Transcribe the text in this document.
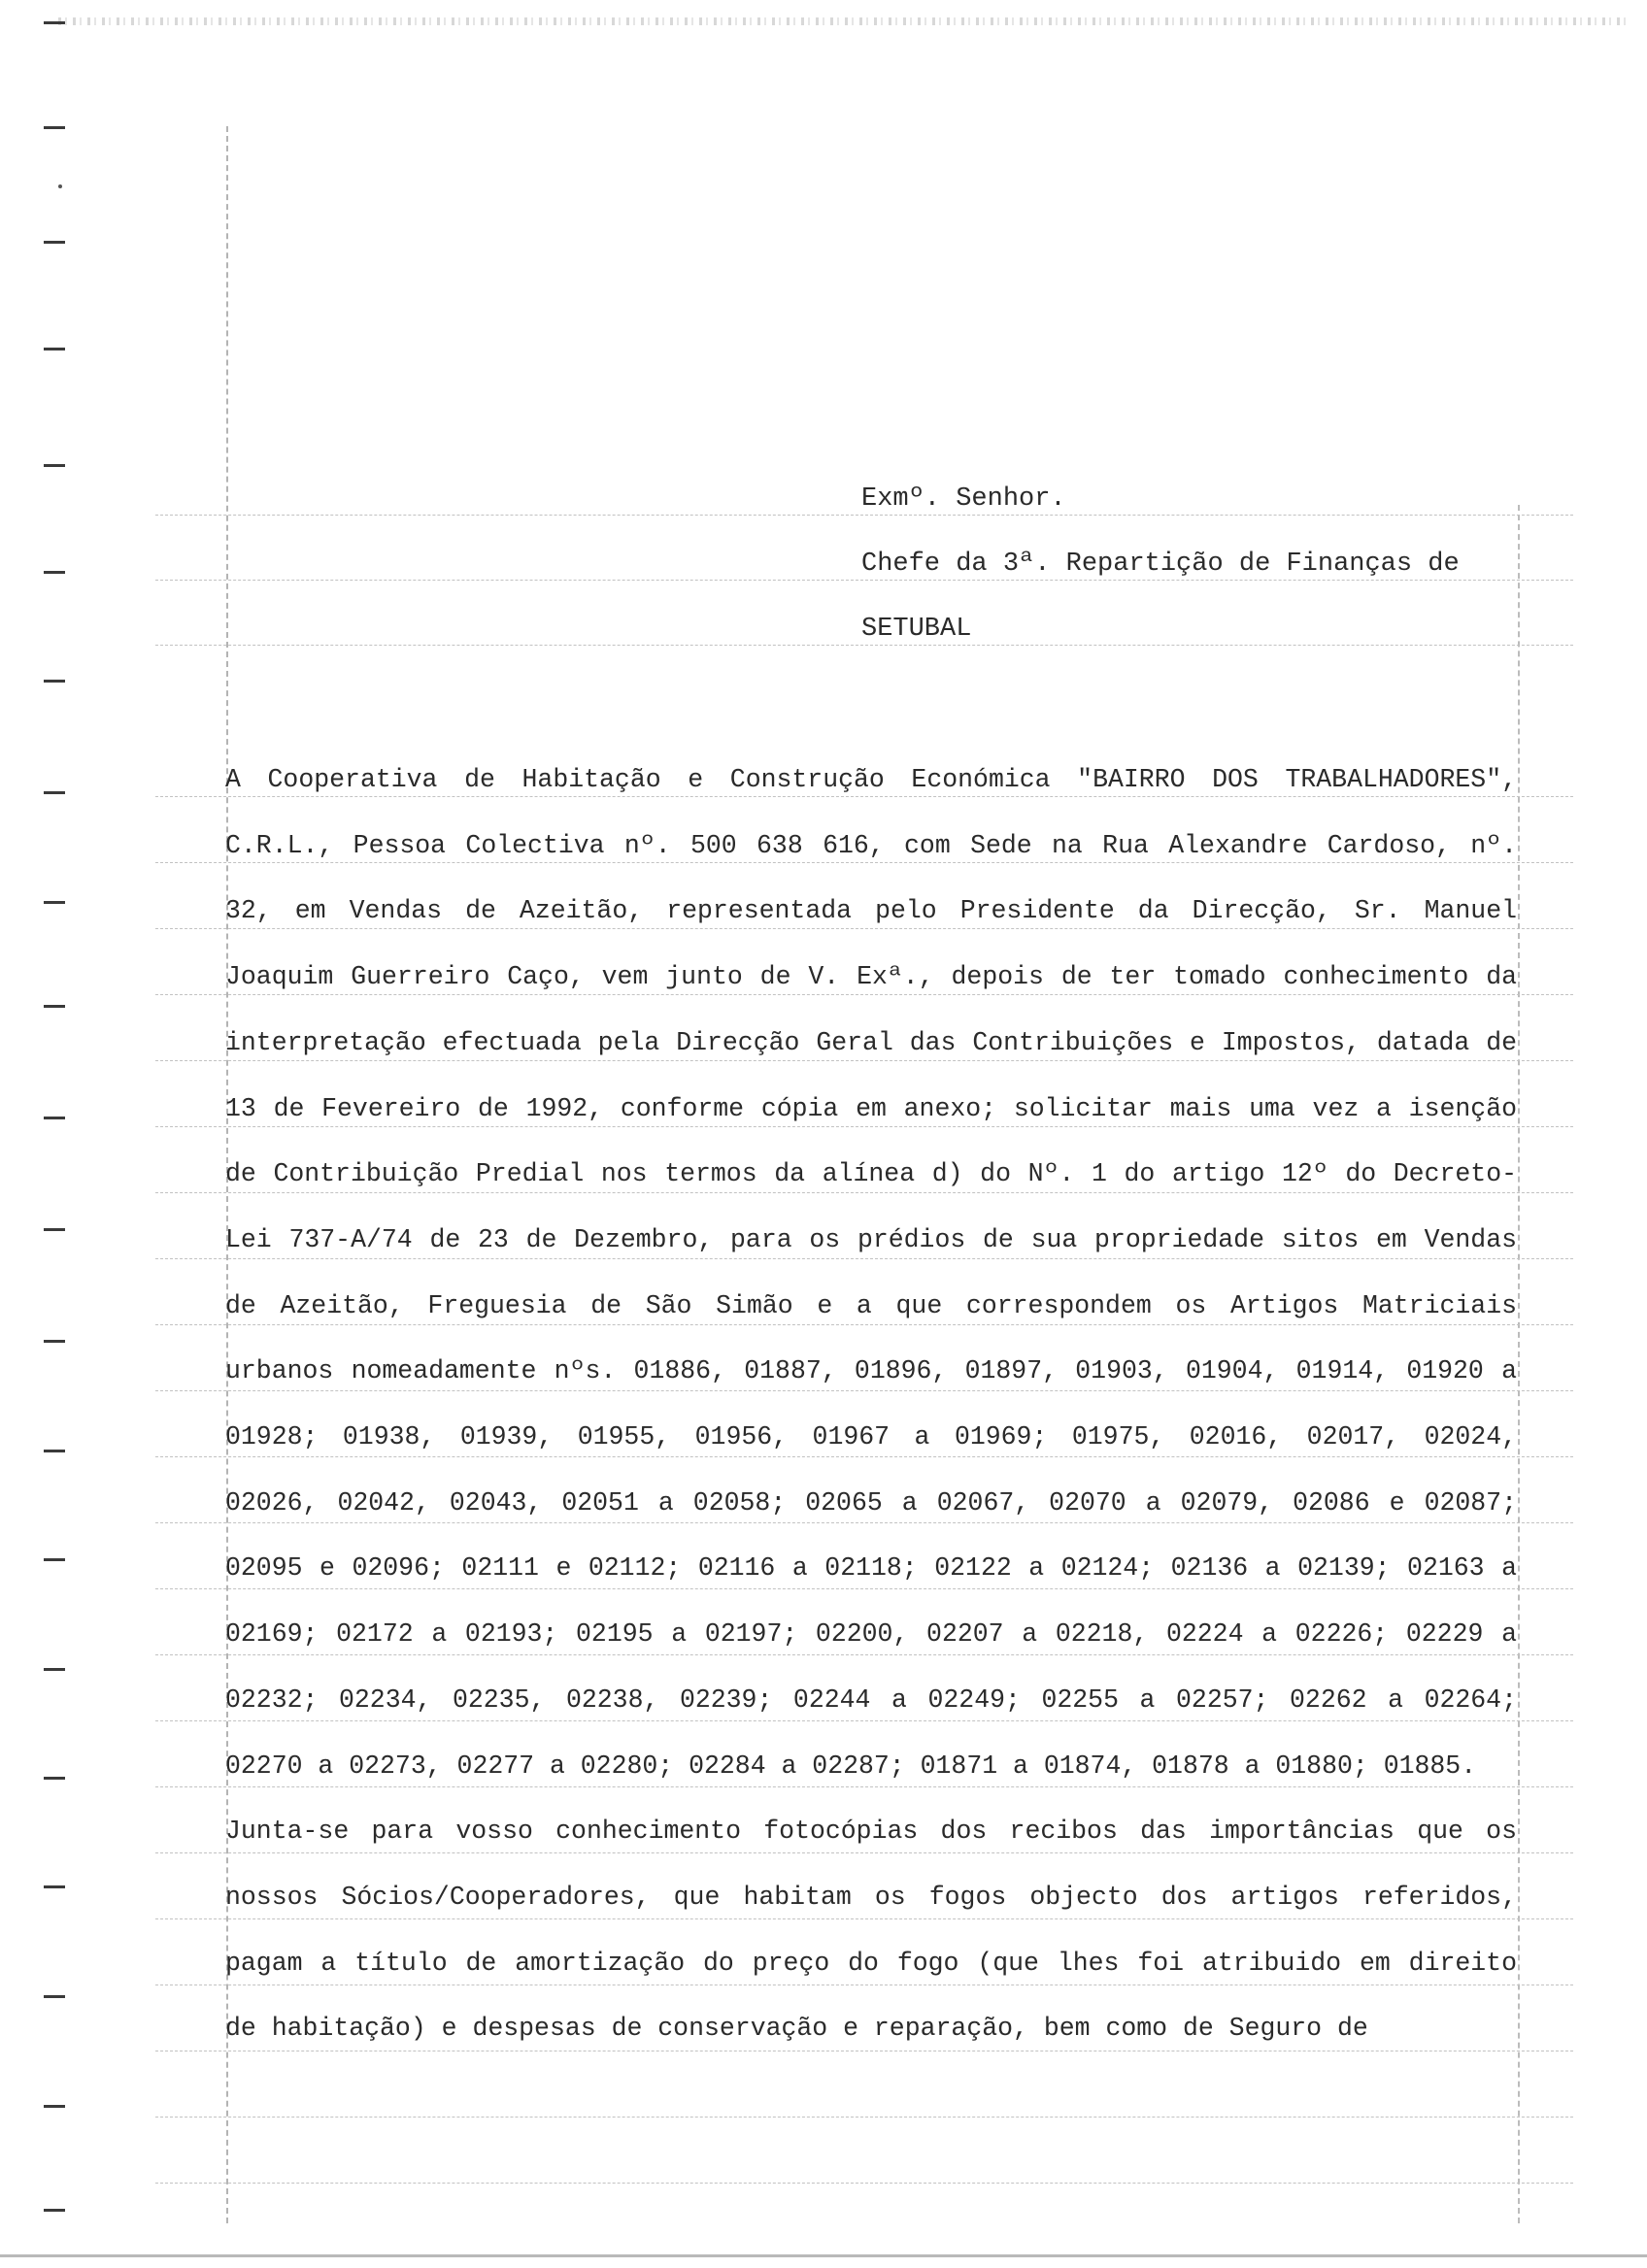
Exmº. Senhor.
Chefe da 3ª. Repartição de Finanças de
SETUBAL

A Cooperativa de Habitação e Construção Económica "BAIRRO DOS TRABALHADORES", C.R.L., Pessoa Colectiva nº. 500 638 616, com Sede na Rua Alexandre Cardoso, nº. 32, em Vendas de Azeitão, representada pelo Presidente da Direcção, Sr. Manuel Joaquim Guerreiro Caço, vem junto de V. Exª., depois de ter tomado conhecimento da interpretação efectuada pela Direcção Geral das Contribuições e Impostos, datada de 13 de Fevereiro de 1992, conforme cópia em anexo; solicitar mais uma vez a isenção de Contribuição Predial nos termos da alínea d) do Nº. 1 do artigo 12º do Decreto-Lei 737-A/74 de 23 de Dezembro, para os prédios de sua propriedade sitos em Vendas de Azeitão, Freguesia de São Simão e a que correspondem os Artigos Matriciais urbanos nomeadamente nºs. 01886, 01887, 01896, 01897, 01903, 01904, 01914, 01920 a 01928; 01938, 01939, 01955, 01956, 01967 a 01969; 01975, 02016, 02017, 02024, 02026, 02042, 02043, 02051 a 02058; 02065 a 02067, 02070 a 02079, 02086 e 02087; 02095 e 02096; 02111 e 02112; 02116 a 02118; 02122 a 02124; 02136 a 02139; 02163 a 02169; 02172 a 02193; 02195 a 02197; 02200, 02207 a 02218, 02224 a 02226; 02229 a 02232; 02234, 02235, 02238, 02239; 02244 a 02249; 02255 a 02257; 02262 a 02264; 02270 a 02273, 02277 a 02280; 02284 a 02287; 01871 a 01874, 01878 a 01880; 01885.

Junta-se para vosso conhecimento fotocópias dos recibos das importâncias que os nossos Sócios/Cooperadores, que habitam os fogos objecto dos artigos referidos, pagam a título de amortização do preço do fogo (que lhes foi atribuido em direito de habitação) e despesas de conservação e reparação, bem como de Seguro de
